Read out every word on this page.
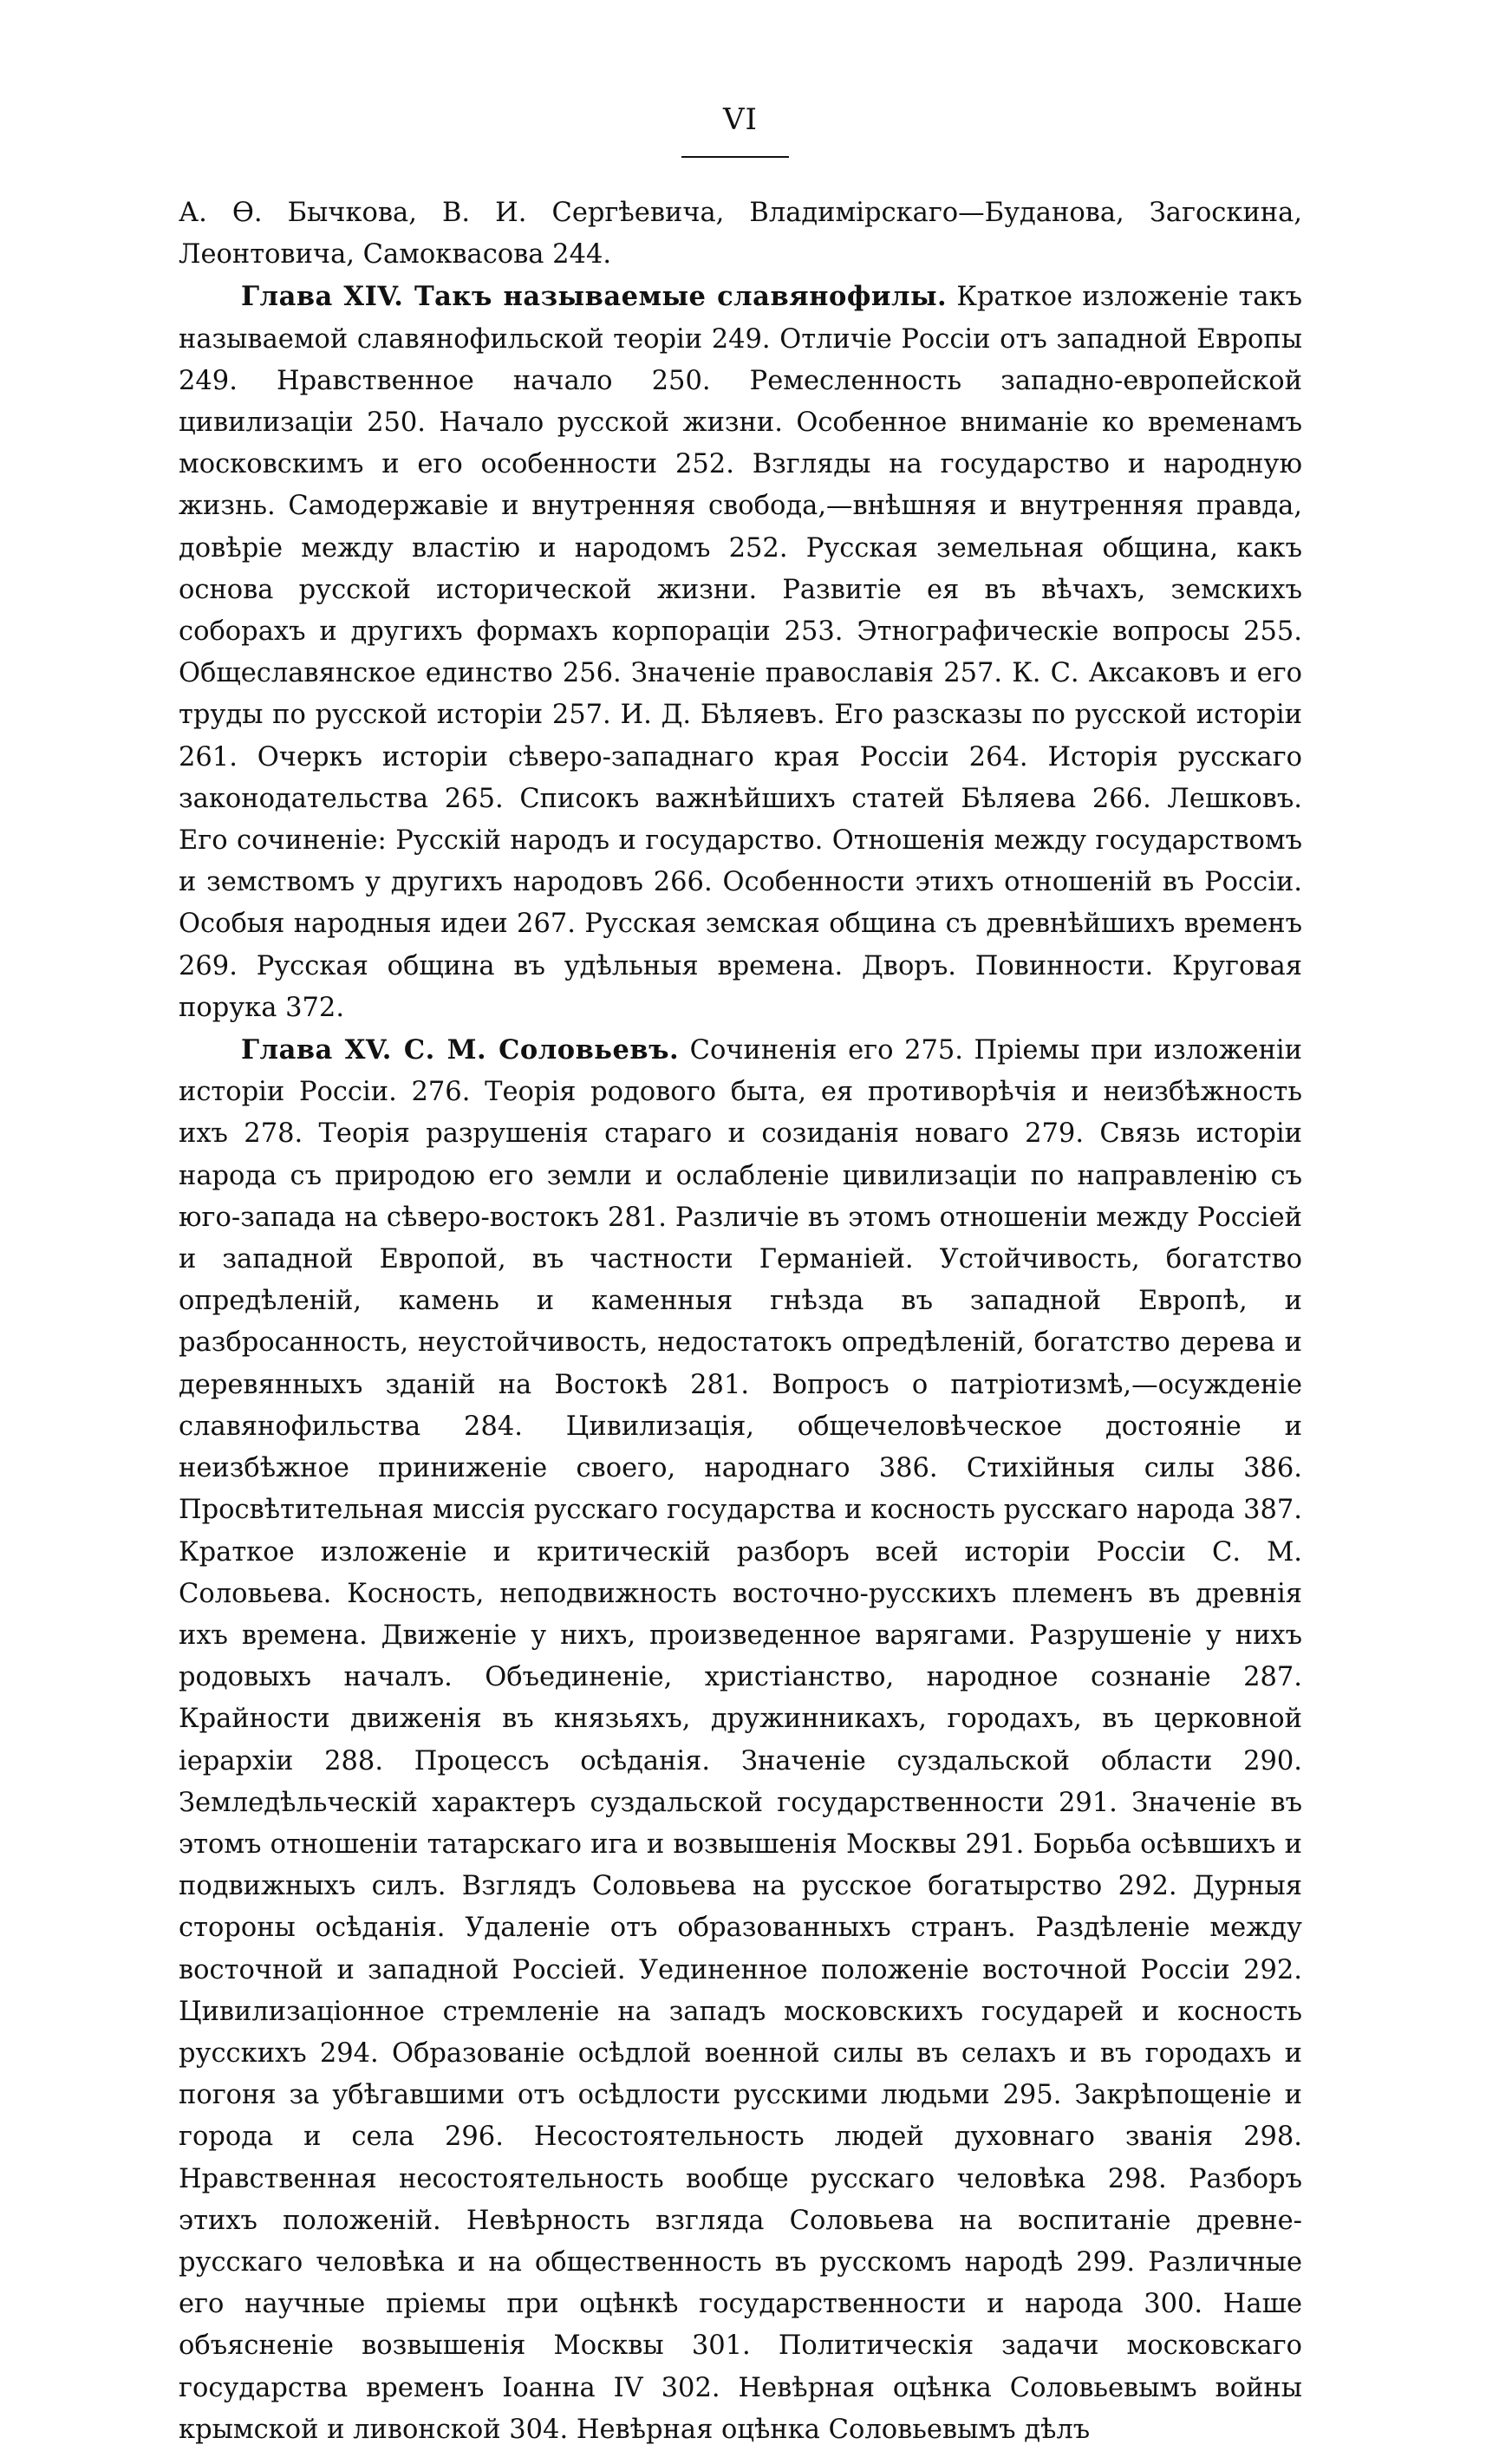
VI

А. Ѳ. Бычкова, В. И. Сергѣевича, Владимірскаго—Буданова, Загоскина, Леонтовича, Самоквасова 244.

Глава XIV. Такъ называемые славянофилы. Краткое изложеніе такъ называемой славянофильской теоріи 249. Отличіе Россіи отъ западной Европы 249. Нравственное начало 250. Ремесленность западно-европейской цивилизаціи 250. Начало русской жизни. Особенное вниманіе ко временамъ московскимъ и его особенности 252. Взгляды на государство и народную жизнь. Самодержавіе и внутренняя свобода,—внѣшняя и внутренняя правда, довѣріе между властію и народомъ 252. Русская земельная община, какъ основа русской исторической жизни. Развитіе ея въ вѣчахъ, земскихъ соборахъ и другихъ формахъ корпораціи 253. Этнографическіе вопросы 255. Общеславянское единство 256. Значеніе православія 257. К. С. Аксаковъ и его труды по русской исторіи 257. И. Д. Бѣляевъ. Его разсказы по русской исторіи 261. Очеркъ исторіи сѣверо-западнаго края Россіи 264. Исторія русскаго законодательства 265. Списокъ важнѣйшихъ статей Бѣляева 266. Лешковъ. Его сочиненіе: Русскій народъ и государство. Отношенія между государствомъ и земствомъ у другихъ народовъ 266. Особенности этихъ отношеній въ Россіи. Особыя народныя идеи 267. Русская земская община съ древнѣйшихъ временъ 269. Русская община въ удѣльныя времена. Дворъ. Повинности. Круговая порука 372.

Глава XV. С. М. Соловьевъ. Сочиненія его 275. Пріемы при изложеніи исторіи Россіи. 276. Теорія родового быта, ея противорѣчія и неизбѣжность ихъ 278. Теорія разрушенія стараго и созиданія новаго 279. Связь исторіи народа съ природою его земли и ослабленіе цивилизаціи по направленію съ юго-запада на сѣверо-востокъ 281. Различіе въ этомъ отношеніи между Россіей и западной Европой, въ частности Германіей. Устойчивость, богатство опредѣленій, камень и каменныя гнѣзда въ западной Европѣ, и разбросанность, неустойчивость, недостатокъ опредѣленій, богатство дерева и деревянныхъ зданій на Востокѣ 281. Вопросъ о патріотизмѣ,—осужденіе славянофильства 284. Цивилизація, общечеловѣческое достояніе и неизбѣжное приниженіе своего, народнаго 386. Стихійныя силы 386. Просвѣтительная миссія русскаго государства и косность русскаго народа 387. Краткое изложеніе и критическій разборъ всей исторіи Россіи С. М. Соловьева. Косность, неподвижность восточно-русскихъ племенъ въ древнія ихъ времена. Движеніе у нихъ, произведенное варягами. Разрушеніе у нихъ родовыхъ началъ. Объединеніе, христіанство, народное сознаніе 287. Крайности движенія въ князьяхъ, дружинникахъ, городахъ, въ церковной іерархіи 288. Процессъ осѣданія. Значеніе суздальской области 290. Земледѣльческій характеръ суздальской государственности 291. Значеніе въ этомъ отношеніи татарскаго ига и возвышенія Москвы 291. Борьба осѣвшихъ и подвижныхъ силъ. Взглядъ Соловьева на русское богатырство 292. Дурныя стороны осѣданія. Удаленіе отъ образованныхъ странъ. Раздѣленіе между восточной и западной Россіей. Уединенное положеніе восточной Россіи 292. Цивилизаціонное стремленіе на западъ московскихъ государей и косность русскихъ 294. Образованіе осѣдлой военной силы въ селахъ и въ городахъ и погоня за убѣгавшими отъ осѣдлости русскими людьми 295. Закрѣпощеніе и города и села 296. Несостоятельность людей духовнаго званія 298. Нравственная несостоятельность вообще русскаго человѣка 298. Разборъ этихъ положеній. Невѣрность взгляда Соловьева на воспитаніе древне-русскаго человѣка и на общественность въ русскомъ народѣ 299. Различные его научные пріемы при оцѣнкѣ государственности и народа 300. Наше объясненіе возвышенія Москвы 301. Политическія задачи московскаго государства временъ Іоанна IV 302. Невѣрная оцѣнка Соловьевымъ войны крымской и ливонской 304. Невѣрная оцѣнка Соловьевымъ дѣлъ
